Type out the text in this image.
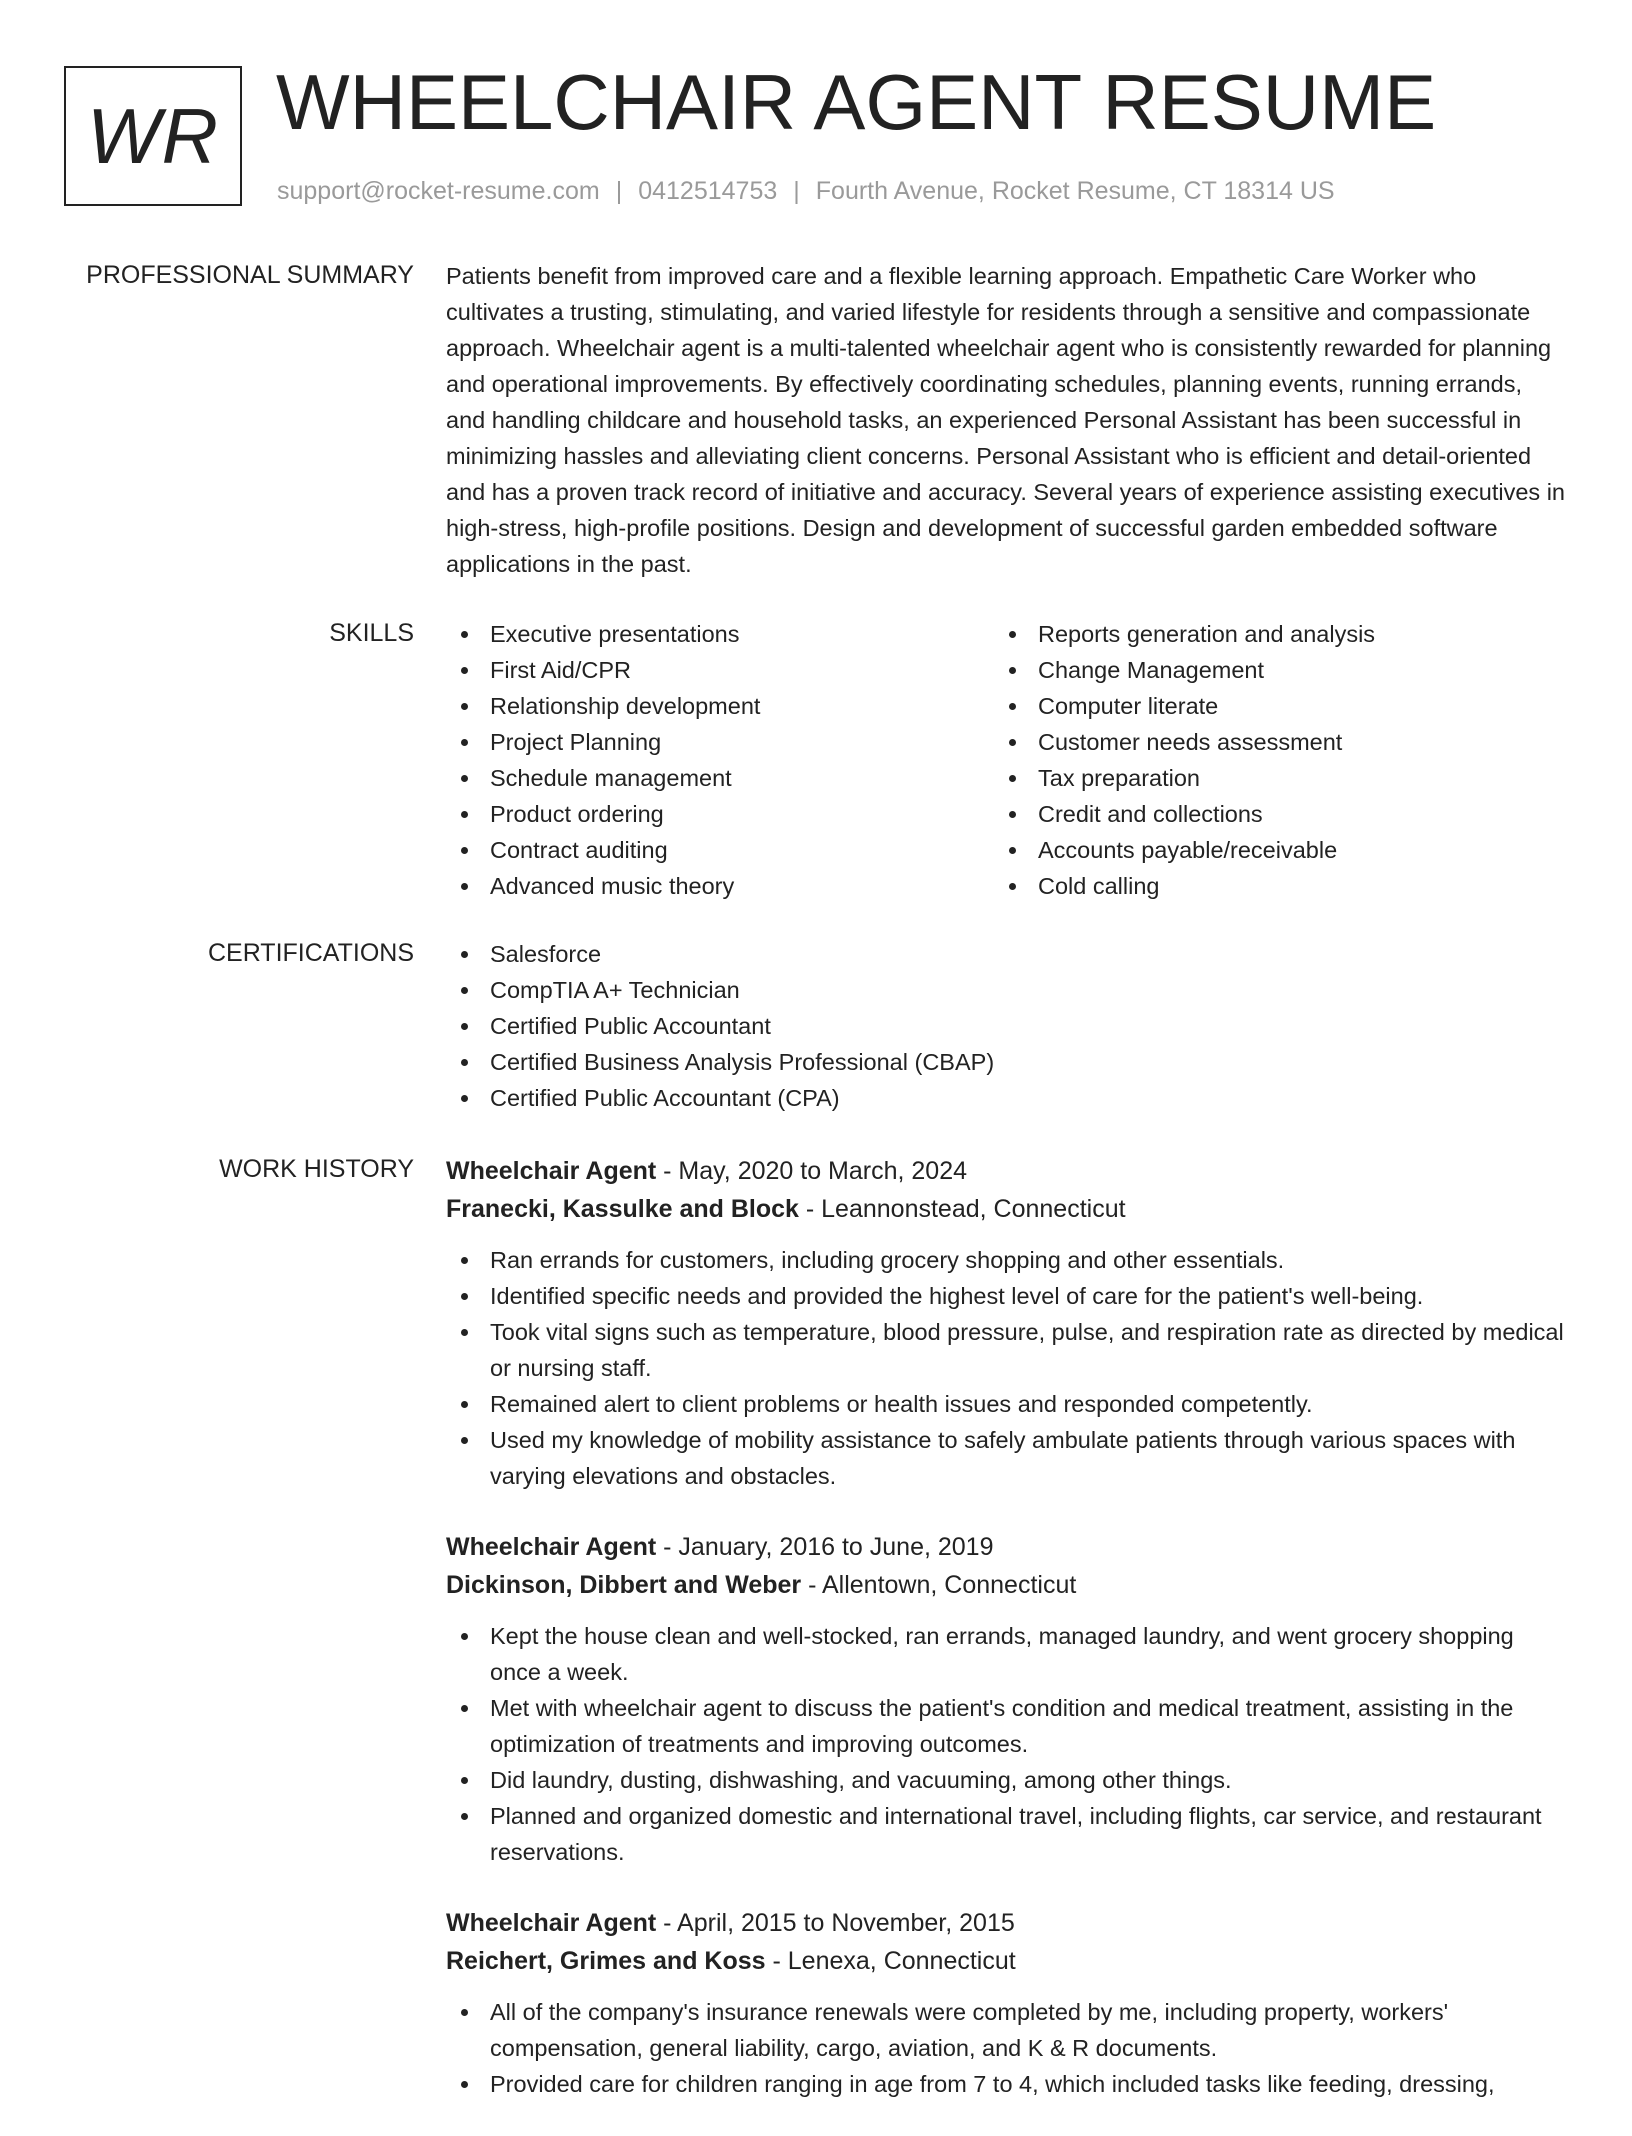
WR WHEELCHAIR AGENT RESUME
support@rocket-resume.com | 0412514753 | Fourth Avenue, Rocket Resume, CT 18314 US
PROFESSIONAL SUMMARY Patients benefit from improved care and a flexible learning approach. Empathetic Care Worker who cultivates a trusting, stimulating, and varied lifestyle for residents through a sensitive and compassionate approach. Wheelchair agent is a multi-talented wheelchair agent who is consistently rewarded for planning and operational improvements. By effectively coordinating schedules, planning events, running errands, and handling childcare and household tasks, an experienced Personal Assistant has been successful in minimizing hassles and alleviating client concerns. Personal Assistant who is efficient and detail-oriented and has a proven track record of initiative and accuracy. Several years of experience assisting executives in high-stress, high-profile positions. Design and development of successful garden embedded software applications in the past.

SKILLS	Executive presentations
First Aid/CPR
Relationship development
Project Planning
Schedule management
Product ordering
Contract auditing
Advanced music theory
Reports generation and analysis
Change Management
Computer literate
Customer needs assessment
Tax preparation
Credit and collections
Accounts payable/receivable
Cold calling
CERTIFICATIONS	Salesforce
CompTIA A+ Technician
Certified Public Accountant
Certified Business Analysis Professional (CBAP)
Certified Public Accountant (CPA)
WORK HISTORY Wheelchair Agent - May, 2020 to March, 2024
Franecki, Kassulke and Block - Leannonstead, Connecticut
Ran errands for customers, including grocery shopping and other essentials.
Identified specific needs and provided the highest level of care for the patient's well-being.
Took vital signs such as temperature, blood pressure, pulse, and respiration rate as directed by medical or nursing staff.
Remained alert to client problems or health issues and responded competently.
Used my knowledge of mobility assistance to safely ambulate patients through various spaces with varying elevations and obstacles.
Wheelchair Agent - January, 2016 to June, 2019
Dickinson, Dibbert and Weber - Allentown, Connecticut
Kept the house clean and well-stocked, ran errands, managed laundry, and went grocery shopping once a week.
Met with wheelchair agent to discuss the patient's condition and medical treatment, assisting in the optimization of treatments and improving outcomes.
Did laundry, dusting, dishwashing, and vacuuming, among other things.
Planned and organized domestic and international travel, including flights, car service, and restaurant reservations.
Wheelchair Agent - April, 2015 to November, 2015
Reichert, Grimes and Koss - Lenexa, Connecticut
All of the company's insurance renewals were completed by me, including property, workers' compensation, general liability, cargo, aviation, and K & R documents.
Provided care for children ranging in age from 7 to 4, which included tasks like feeding, dressing,
